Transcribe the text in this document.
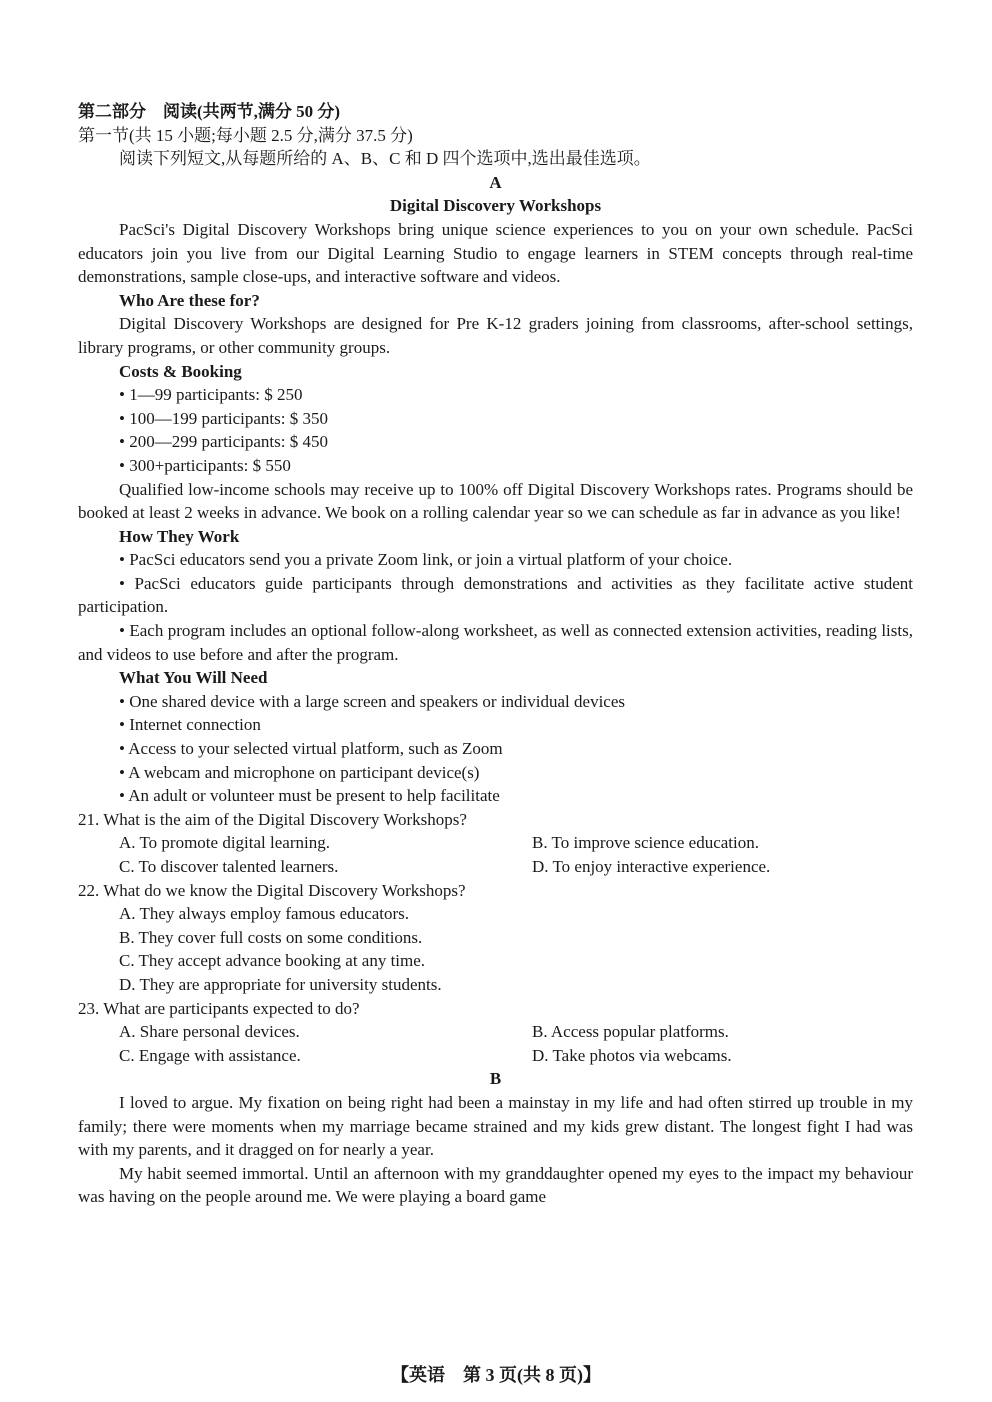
第二部分　阅读(共两节,满分 50 分)

第一节(共 15 小题;每小题 2.5 分,满分 37.5 分)

阅读下列短文,从每题所给的 A、B、C 和 D 四个选项中,选出最佳选项。

A

Digital Discovery Workshops

PacSci's Digital Discovery Workshops bring unique science experiences to you on your own schedule. PacSci educators join you live from our Digital Learning Studio to engage learners in STEM concepts through real-time demonstrations, sample close-ups, and interactive software and videos.

Who Are these for?

Digital Discovery Workshops are designed for Pre K-12 graders joining from classrooms, after-school settings, library programs, or other community groups.

Costs & Booking

• 1—99 participants: $ 250

• 100—199 participants: $ 350

• 200—299 participants: $ 450

• 300+participants: $ 550

Qualified low-income schools may receive up to 100% off Digital Discovery Workshops rates. Programs should be booked at least 2 weeks in advance. We book on a rolling calendar year so we can schedule as far in advance as you like!

How They Work

• PacSci educators send you a private Zoom link, or join a virtual platform of your choice.

• PacSci educators guide participants through demonstrations and activities as they facilitate active student participation.

• Each program includes an optional follow-along worksheet, as well as connected extension activities, reading lists, and videos to use before and after the program.

What You Will Need

• One shared device with a large screen and speakers or individual devices

• Internet connection

• Access to your selected virtual platform, such as Zoom

• A webcam and microphone on participant device(s)

• An adult or volunteer must be present to help facilitate

21. What is the aim of the Digital Discovery Workshops?

A. To promote digital learning.	B. To improve science education.
C. To discover talented learners.	D. To enjoy interactive experience.

22. What do we know the Digital Discovery Workshops?

A. They always employ famous educators.

B. They cover full costs on some conditions.

C. They accept advance booking at any time.

D. They are appropriate for university students.

23. What are participants expected to do?

A. Share personal devices.	B. Access popular platforms.
C. Engage with assistance.	D. Take photos via webcams.

B

I loved to argue. My fixation on being right had been a mainstay in my life and had often stirred up trouble in my family; there were moments when my marriage became strained and my kids grew distant. The longest fight I had was with my parents, and it dragged on for nearly a year.

My habit seemed immortal. Until an afternoon with my granddaughter opened my eyes to the impact my behaviour was having on the people around me. We were playing a board game

【英语　第 3 页(共 8 页)】
